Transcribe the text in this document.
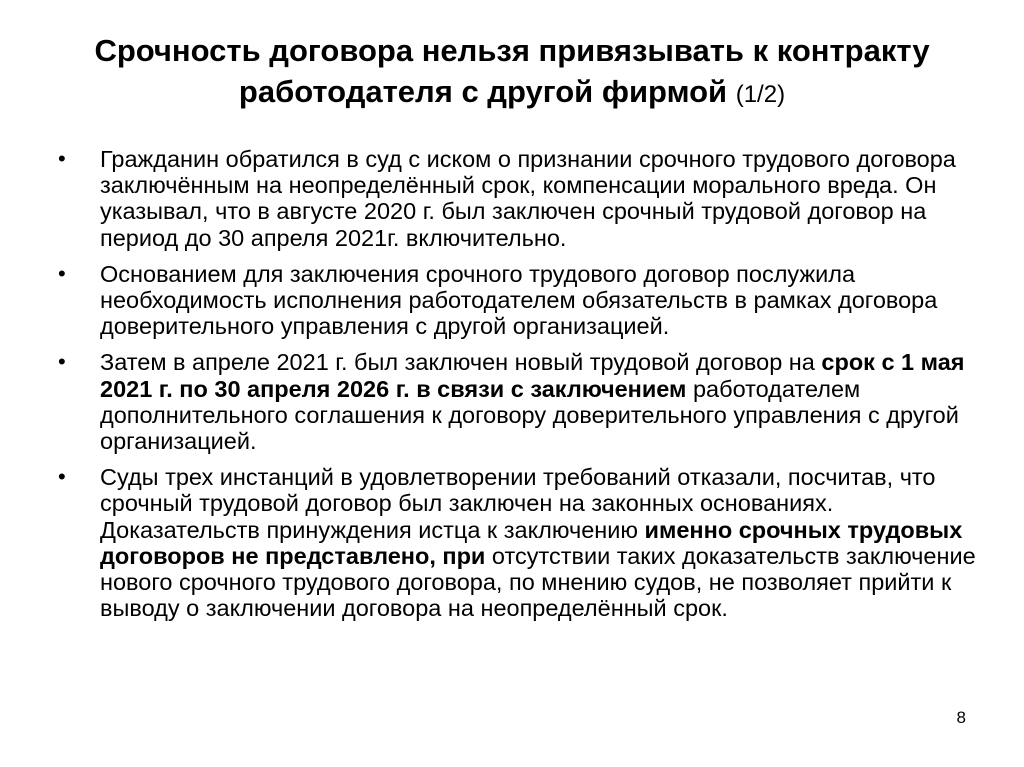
Срочность договора нельзя привязывать к контракту работодателя с другой фирмой (1/2)
• Гражданин обратился в суд с иском о признании срочного трудового договора заключённым на неопределённый срок, компенсации морального вреда. Он указывал, что в августе 2020 г. был заключен срочный трудовой договор на период до 30 апреля 2021г. включительно.
• Основанием для заключения срочного трудового договор послужила необходимость исполнения работодателем обязательств в рамках договора доверительного управления с другой организацией.
• Затем в апреле 2021 г. был заключен новый трудовой договор на срок с 1 мая 2021 г. по 30 апреля 2026 г. в связи с заключением работодателем дополнительного соглашения к договору доверительного управления с другой организацией.
• Суды трех инстанций в удовлетворении требований отказали, посчитав, что срочный трудовой договор был заключен на законных основаниях. Доказательств принуждения истца к заключению именно срочных трудовых договоров не представлено, при отсутствии таких доказательств заключение нового срочного трудового договора, по мнению судов, не позволяет прийти к выводу о заключении договора на неопределённый срок.
8
